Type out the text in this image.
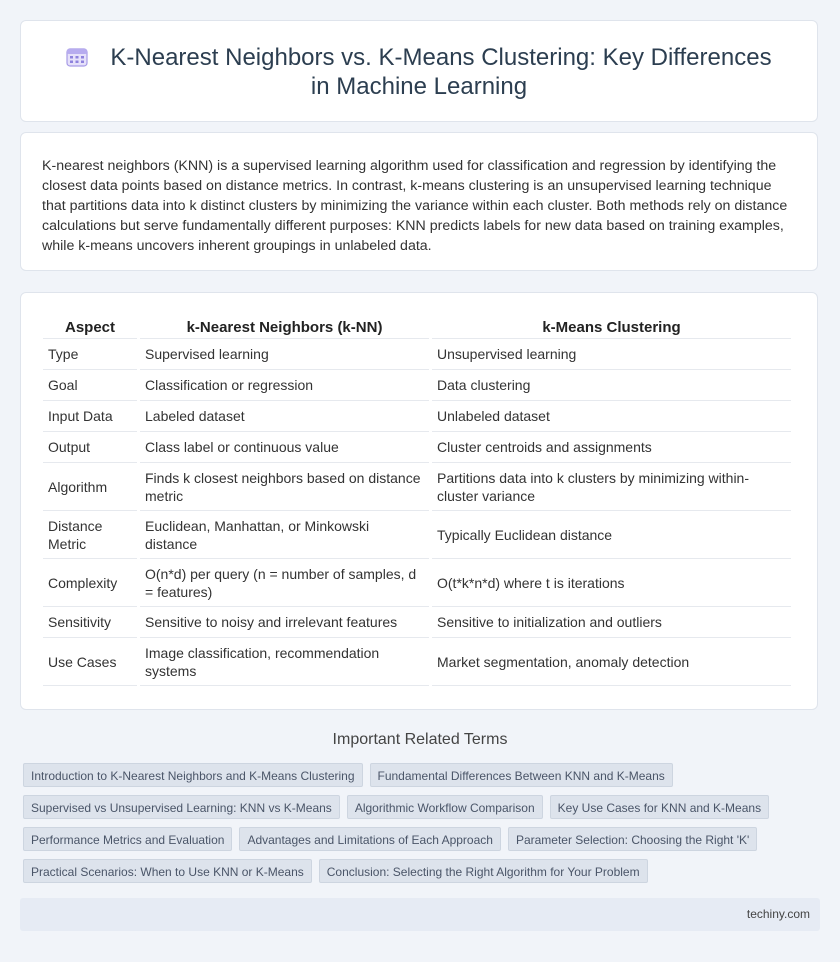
K-Nearest Neighbors vs. K-Means Clustering: Key Differences in Machine Learning

K-nearest neighbors (KNN) is a supervised learning algorithm used for classification and regression by identifying the closest data points based on distance metrics. In contrast, k-means clustering is an unsupervised learning technique that partitions data into k distinct clusters by minimizing the variance within each cluster. Both methods rely on distance calculations but serve fundamentally different purposes: KNN predicts labels for new data based on training examples, while k-means uncovers inherent groupings in unlabeled data.

Aspect	k-Nearest Neighbors (k-NN)	k-Means Clustering
Type	Supervised learning	Unsupervised learning
Goal	Classification or regression	Data clustering
Input Data	Labeled dataset	Unlabeled dataset
Output	Class label or continuous value	Cluster centroids and assignments
Algorithm	Finds k closest neighbors based on distance metric	Partitions data into k clusters by minimizing within-cluster variance
Distance Metric	Euclidean, Manhattan, or Minkowski distance	Typically Euclidean distance
Complexity	O(n*d) per query (n = number of samples, d = features)	O(t*k*n*d) where t is iterations
Sensitivity	Sensitive to noisy and irrelevant features	Sensitive to initialization and outliers
Use Cases	Image classification, recommendation systems	Market segmentation, anomaly detection
Important Related Terms
Introduction to K-Nearest Neighbors and K-Means Clustering Fundamental Differences Between KNN and K-Means
Supervised vs Unsupervised Learning: KNN vs K-Means Algorithmic Workflow Comparison Key Use Cases for KNN and K-Means
Performance Metrics and Evaluation Advantages and Limitations of Each Approach Parameter Selection: Choosing the Right 'K'
Practical Scenarios: When to Use KNN or K-Means Conclusion: Selecting the Right Algorithm for Your Problem
techiny.com
